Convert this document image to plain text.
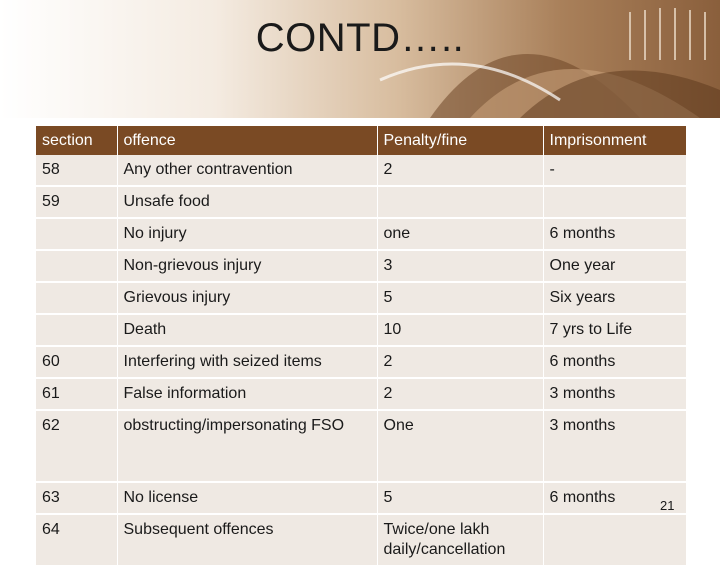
CONTD…..
section	offence	Penalty/fine	Imprisonment
58	Any other contravention	2	-
59	Unsafe food		
	No injury	one	6 months
	Non-grievous injury	3	One year
	Grievous injury	5	Six years
	Death	10	7 yrs to Life
60	Interfering with seized items	2	6 months
61	False information	2	3 months
62	obstructing/impersonating FSO	One	3 months
63	No license	5	6 months
64	Subsequent offences	Twice/one lakh daily/cancellation	
21
